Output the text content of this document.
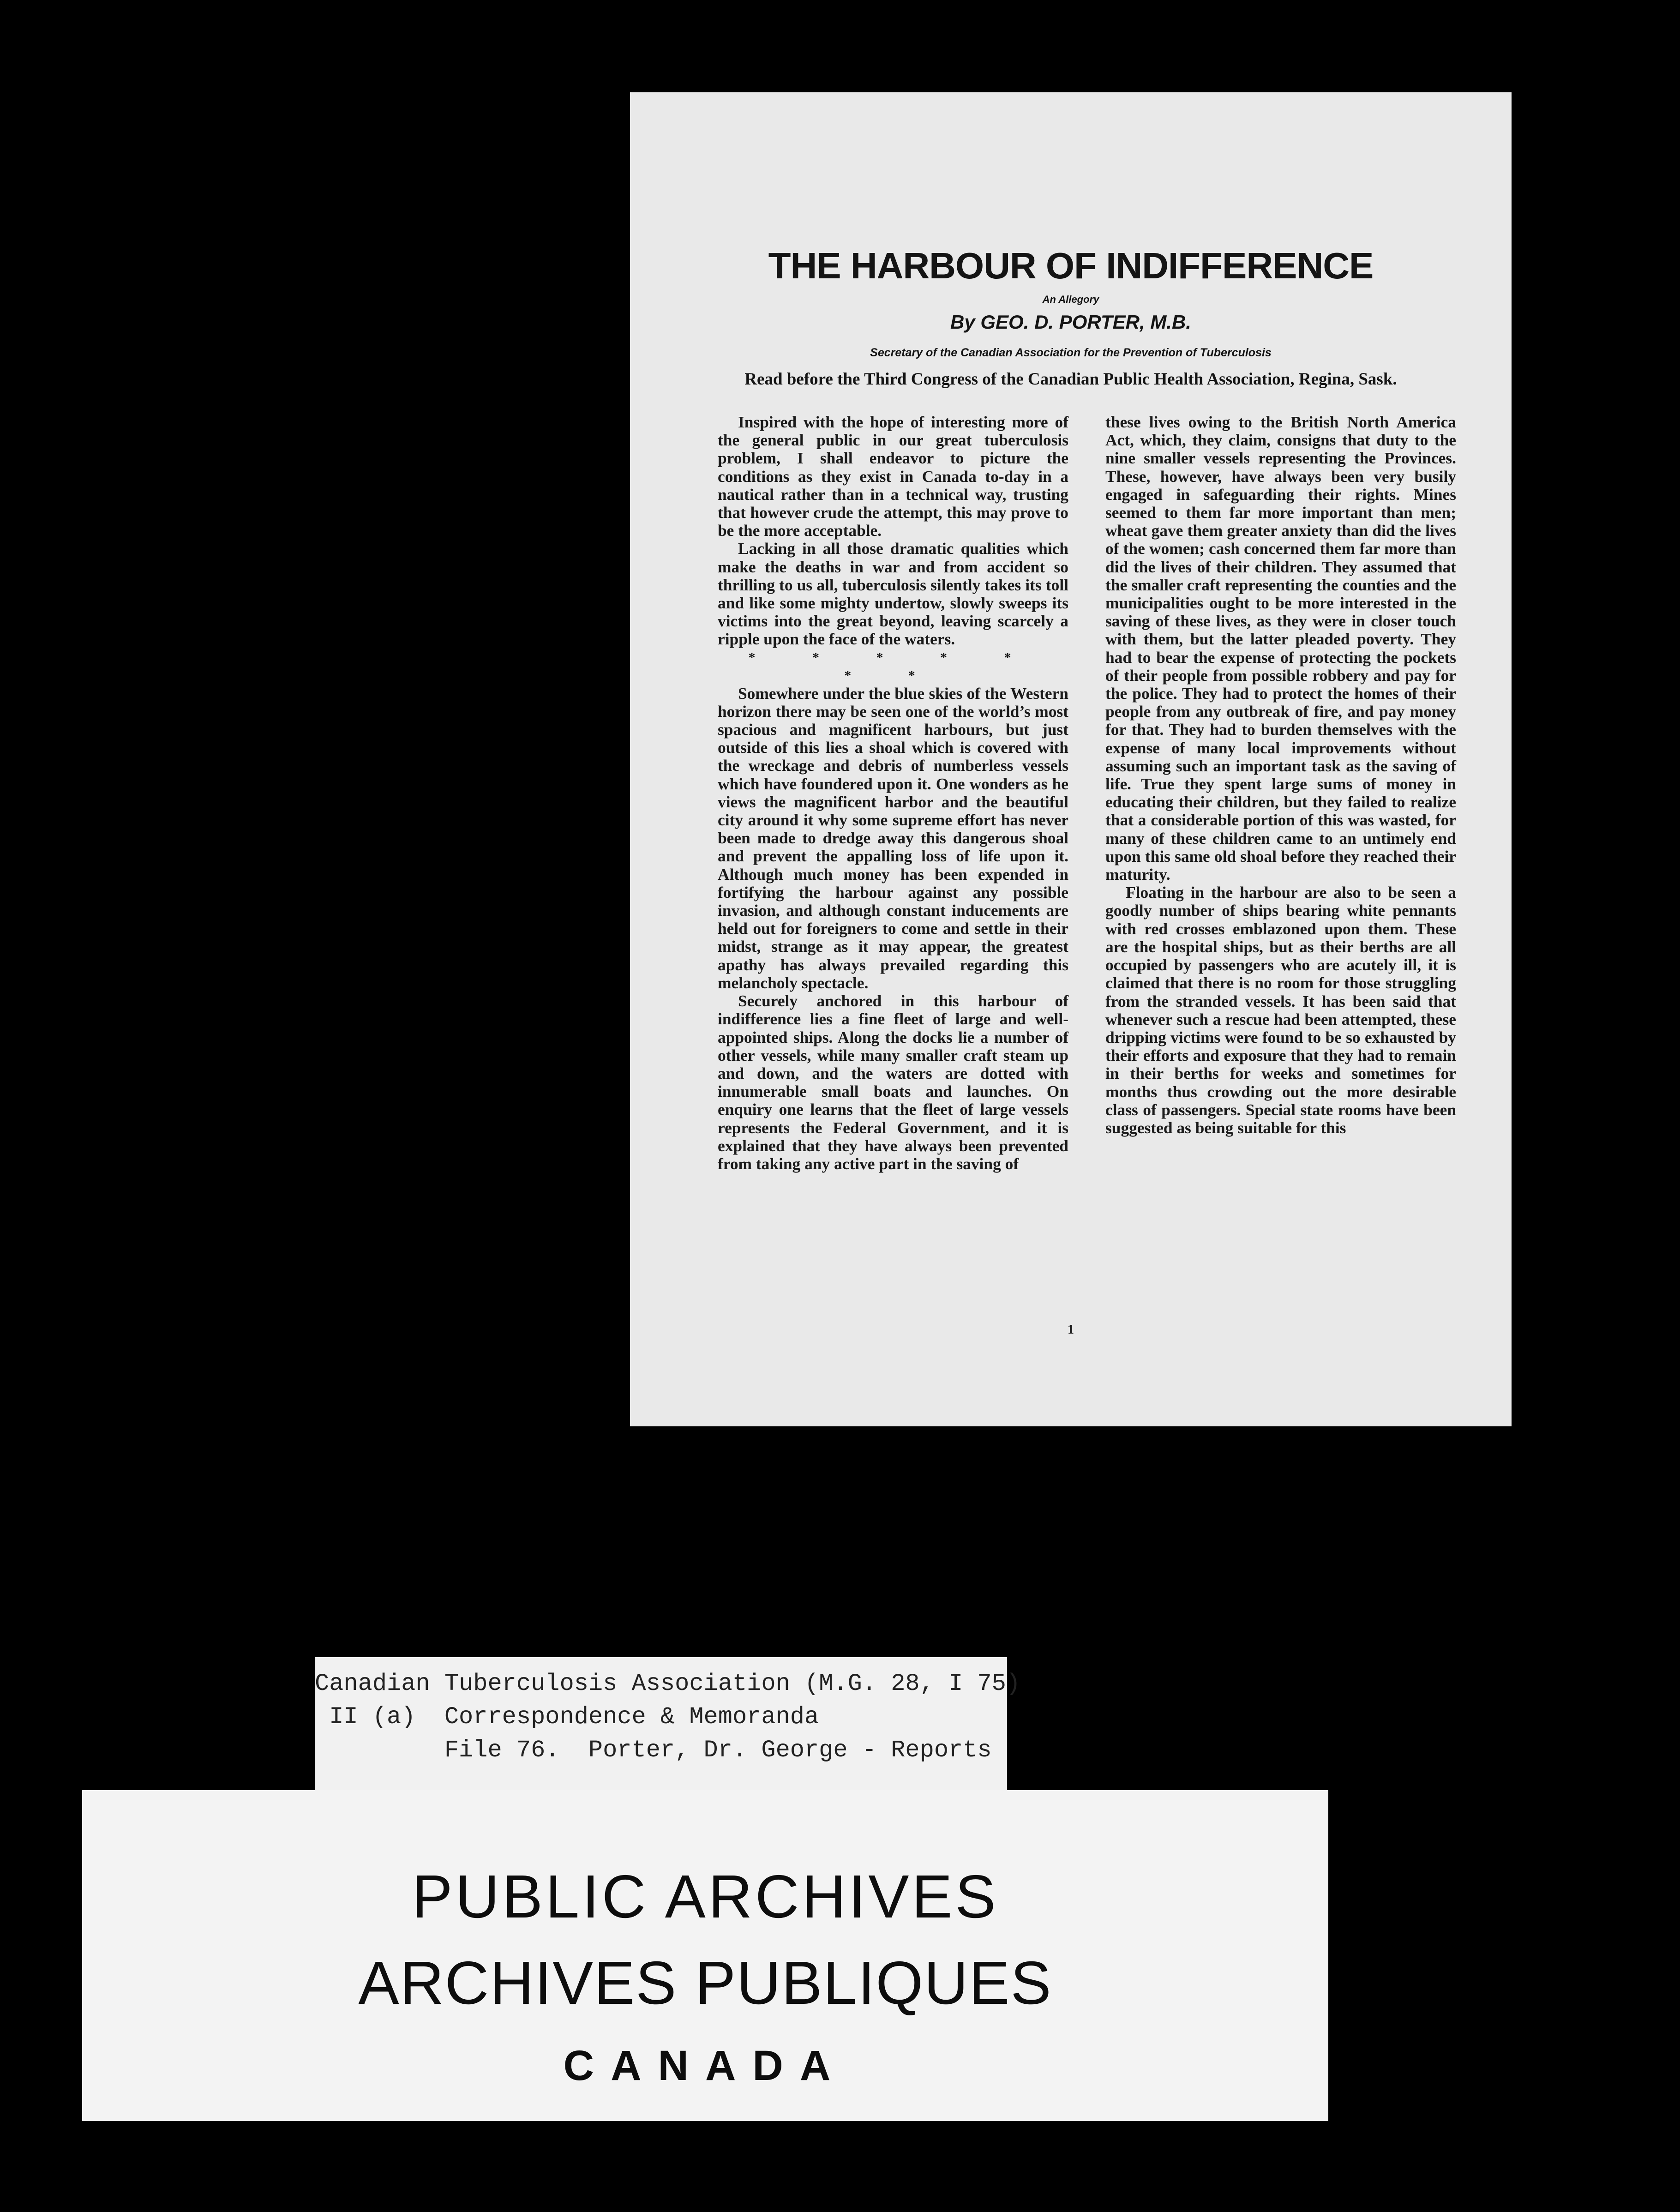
THE HARBOUR OF INDIFFERENCE
An Allegory
By GEO. D. PORTER, M.B.
Secretary of the Canadian Association for the Prevention of Tuberculosis
Read before the Third Congress of the Canadian Public Health Association, Regina, Sask.

Inspired with the hope of interesting more of the general public in our great tuberculosis problem, I shall endeavor to picture the conditions as they exist in Canada to-day in a nautical rather than in a technical way, trusting that however crude the attempt, this may prove to be the more acceptable.

Lacking in all those dramatic qualities which make the deaths in war and from accident so thrilling to us all, tuberculosis silently takes its toll and like some mighty undertow, slowly sweeps its victims into the great beyond, leaving scarcely a ripple upon the face of the waters.

* * * * * * *

Somewhere under the blue skies of the Western horizon there may be seen one of the world’s most spacious and magnificent harbours, but just outside of this lies a shoal which is covered with the wreckage and debris of numberless vessels which have foundered upon it. One wonders as he views the magnificent harbor and the beautiful city around it why some supreme effort has never been made to dredge away this dangerous shoal and prevent the appalling loss of life upon it. Although much money has been expended in fortifying the harbour against any possible invasion, and although constant inducements are held out for foreigners to come and settle in their midst, strange as it may appear, the greatest apathy has always prevailed regarding this melancholy spectacle.

Securely anchored in this harbour of indifference lies a fine fleet of large and well-appointed ships. Along the docks lie a number of other vessels, while many smaller craft steam up and down, and the waters are dotted with innumerable small boats and launches. On enquiry one learns that the fleet of large vessels represents the Federal Government, and it is explained that they have always been prevented from taking any active part in the saving of

these lives owing to the British North America Act, which, they claim, consigns that duty to the nine smaller vessels representing the Provinces. These, however, have always been very busily engaged in safeguarding their rights. Mines seemed to them far more important than men; wheat gave them greater anxiety than did the lives of the women; cash concerned them far more than did the lives of their children. They assumed that the smaller craft representing the counties and the municipalities ought to be more interested in the saving of these lives, as they were in closer touch with them, but the latter pleaded poverty. They had to bear the expense of protecting the pockets of their people from possible robbery and pay for the police. They had to protect the homes of their people from any outbreak of fire, and pay money for that. They had to burden themselves with the expense of many local improvements without assuming such an important task as the saving of life. True they spent large sums of money in educating their children, but they failed to realize that a considerable portion of this was wasted, for many of these children came to an untimely end upon this same old shoal before they reached their maturity.

Floating in the harbour are also to be seen a goodly number of ships bearing white pennants with red crosses emblazoned upon them. These are the hospital ships, but as their berths are all occupied by passengers who are acutely ill, it is claimed that there is no room for those struggling from the stranded vessels. It has been said that whenever such a rescue had been attempted, these dripping victims were found to be so exhausted by their efforts and exposure that they had to remain in their berths for weeks and sometimes for months thus crowding out the more desirable class of passengers. Special state rooms have been suggested as being suitable for this

1
Canadian Tuberculosis Association (M.G. 28, I 75)
II (a)  Correspondence & Memoranda
File 76.  Porter, Dr. George - Reports
PUBLIC ARCHIVES
ARCHIVES PUBLIQUES
CANADA
